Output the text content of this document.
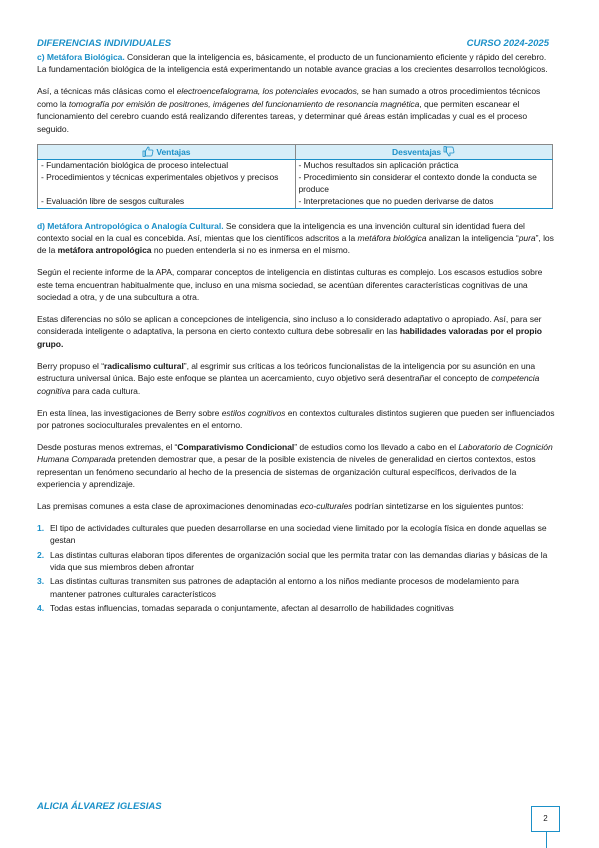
DIFERENCIAS INDIVIDUALES	CURSO 2024-2025

c) Metáfora Biológica. Consideran que la inteligencia es, básicamente, el producto de un funcionamiento eficiente y rápido del cerebro. La fundamentación biológica de la inteligencia está experimentando un notable avance gracias a los crecientes desarrollos tecnológicos.

Así, a técnicas más clásicas como el electroencefalograma, los potenciales evocados, se han sumado a otros procedimientos técnicos como la tomografía por emisión de positrones, imágenes del funcionamiento de resonancia magnética, que permiten escanear el funcionamiento del cerebro cuando está realizando diferentes tareas, y determinar qué áreas están implicadas y cual es el proceso seguido.

Ventajas	Desventajas
- Fundamentación biológica de proceso intelectual	- Muchos resultados sin aplicación práctica
- Procedimientos y técnicas experimentales objetivos y precisos	- Procedimiento sin considerar el contexto donde la conducta se produce
- Evaluación libre de sesgos culturales	- Interpretaciones que no pueden derivarse de datos

d) Metáfora Antropológica o Analogía Cultural. Se considera que la inteligencia es una invención cultural sin identidad fuera del contexto social en la cual es concebida. Así, mientas que los científicos adscritos a la metáfora biológica analizan la inteligencia “pura”, los de la metáfora antropológica no pueden entenderla si no es inmersa en el mismo.

Según el reciente informe de la APA, comparar conceptos de inteligencia en distintas culturas es complejo. Los escasos estudios sobre este tema encuentran habitualmente que, incluso en una misma sociedad, se acentúan diferentes características cognitivas de una sociedad a otra, y de una subcultura a otra.

Estas diferencias no sólo se aplican a concepciones de inteligencia, sino incluso a lo considerado adaptativo o apropiado. Así, para ser considerada inteligente o adaptativa, la persona en cierto contexto cultura debe sobresalir en las habilidades valoradas por el propio grupo.

Berry propuso el “radicalismo cultural”, al esgrimir sus críticas a los teóricos funcionalistas de la inteligencia por su asunción en una estructura universal única. Bajo este enfoque se plantea un acercamiento, cuyo objetivo será desentrañar el concepto de competencia cognitiva para cada cultura.

En esta línea, las investigaciones de Berry sobre estilos cognitivos en contextos culturales distintos sugieren que pueden ser influenciados por patrones socioculturales prevalentes en el entorno.

Desde posturas menos extremas, el “Comparativismo Condicional” de estudios como los llevado a cabo en el Laboratorio de Cognición Humana Comparada pretenden demostrar que, a pesar de la posible existencia de niveles de generalidad en ciertos contextos, estos representan un fenómeno secundario al hecho de la presencia de sistemas de organización cultural específicos, derivados de la experiencia y aprendizaje.

Las premisas comunes a esta clase de aproximaciones denominadas eco-culturales podrían sintetizarse en los siguientes puntos:

1. El tipo de actividades culturales que pueden desarrollarse en una sociedad viene limitado por la ecología física en donde aquellas se gestan
2. Las distintas culturas elaboran tipos diferentes de organización social que les permita tratar con las demandas diarias y básicas de la vida que sus miembros deben afrontar
3. Las distintas culturas transmiten sus patrones de adaptación al entorno a los niños mediante procesos de modelamiento para mantener patrones culturales característicos
4. Todas estas influencias, tomadas separada o conjuntamente, afectan al desarrollo de habilidades cognitivas
ALICIA ÁLVAREZ IGLESIAS
2
